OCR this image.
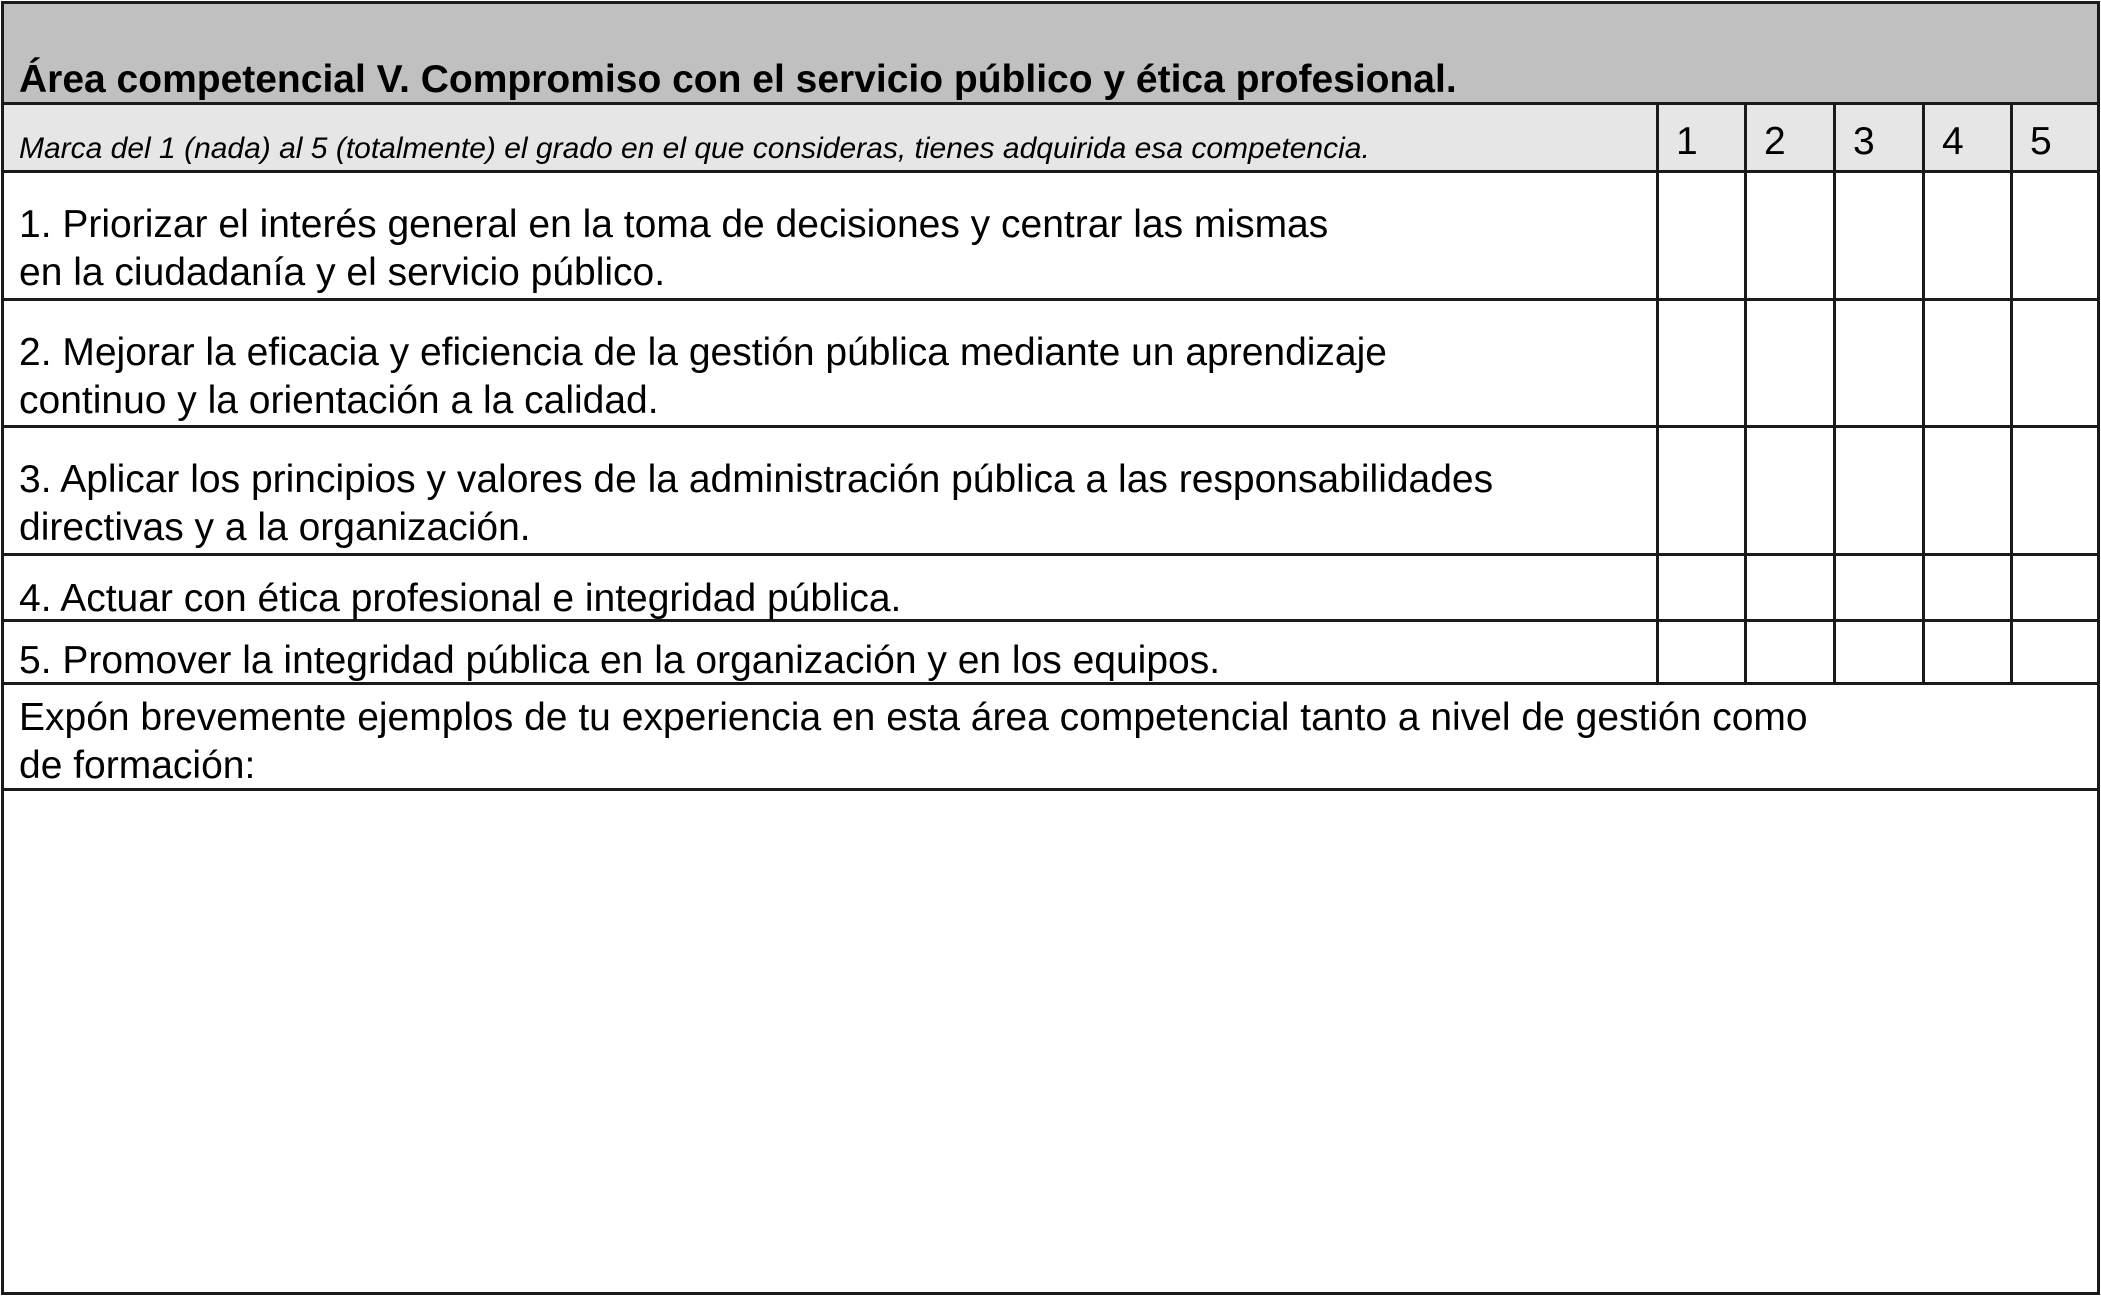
Área competencial V. Compromiso con el servicio público y ética profesional.
Marca del 1 (nada) al 5 (totalmente) el grado en el que consideras, tienes adquirida esa competencia.	1	2	3	4	5
1. Priorizar el interés general en la toma de decisiones y centrar las mismas
en la ciudadanía y el servicio público.
2. Mejorar la eficacia y eficiencia de la gestión pública mediante un aprendizaje
continuo y la orientación a la calidad.
3. Aplicar los principios y valores de la administración pública a las responsabilidades
directivas y a la organización.
4. Actuar con ética profesional e integridad pública.
5. Promover la integridad pública en la organización y en los equipos.
Expón brevemente ejemplos de tu experiencia en esta área competencial tanto a nivel de gestión como
de formación:
